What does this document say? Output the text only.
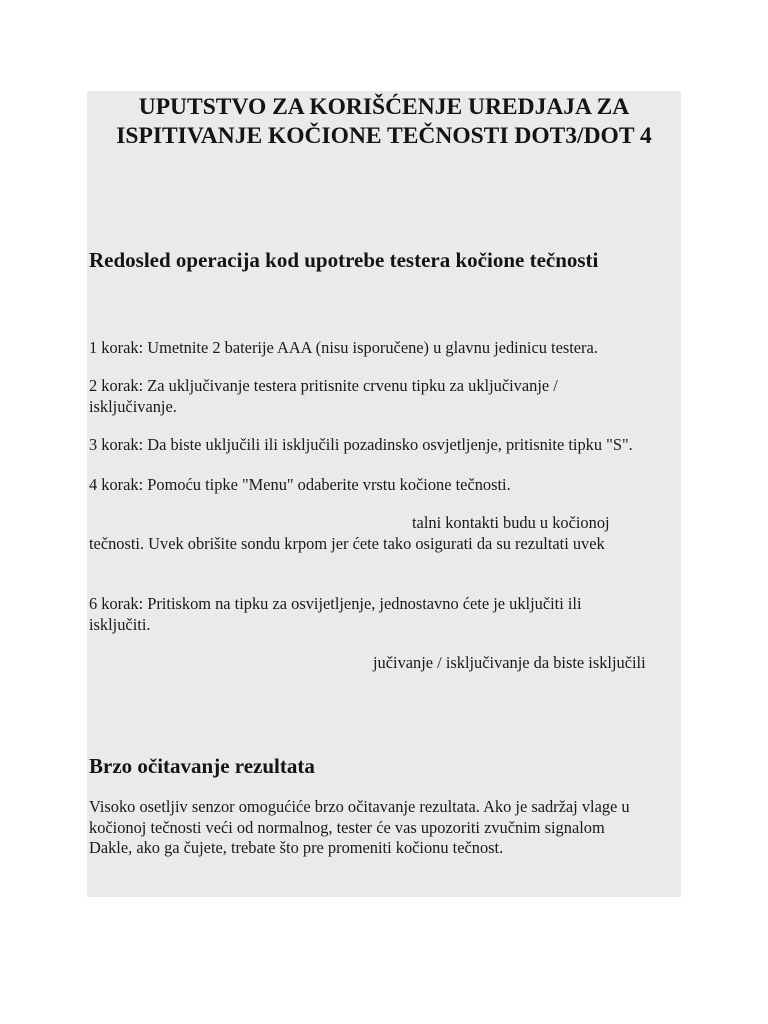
UPUTSTVO ZA KORIŠĆENJE UREDJAJA ZA
ISPITIVANJE KOČIONE TEČNOSTI DOT3/DOT 4
Redosled operacija kod upotrebe testera kočione tečnosti

1 korak: Umetnite 2 baterije AAA (nisu isporučene) u glavnu jedinicu testera.

2 korak: Za uključivanje testera pritisnite crvenu tipku za uključivanje /
isključivanje.

3 korak: Da biste uključili ili isključili pozadinsko osvjetljenje, pritisnite tipku "S".

4 korak: Pomoću tipke "Menu" odaberite vrstu kočione tečnosti.

talni kontakti budu u kočionoj

tečnosti. Uvek obrišite sondu krpom jer ćete tako osigurati da su rezultati uvek

6 korak: Pritiskom na tipku za osvijetljenje, jednostavno ćete je uključiti ili
isključiti.

jučivanje / isključivanje da biste isključili

Brzo očitavanje rezultata

Visoko osetljiv senzor omogućiće brzo očitavanje rezultata. Ako je sadržaj vlage u
kočionoj tečnosti veći od normalnog, tester će vas upozoriti zvučnim signalom
Dakle, ako ga čujete, trebate što pre promeniti kočionu tečnost.
